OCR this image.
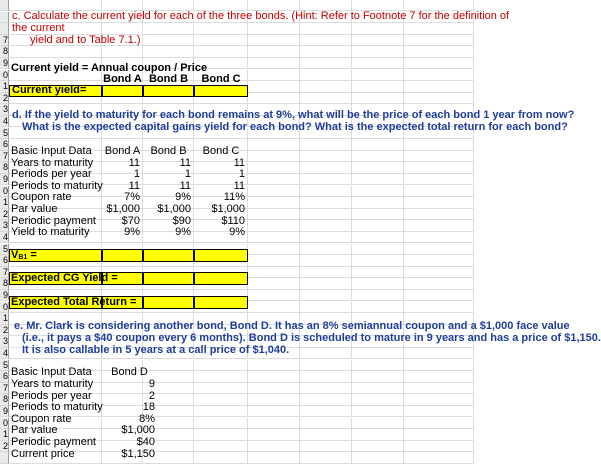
7
8
9
0
1
2
3
4
5
6
7
8
9
0
1
2
3
4
5
6
7
8
9
0
1
2
3
4
5
6
7
8
9
0
1
2
c. Calculate the current yield for each of the three bonds. (Hint: Refer to Footnote 7 for the definition of
the current
yield and to Table 7.1.)
Current yield = Annual coupon / Price
Bond A Bond B	Bond C
Current yield =
d. If the yield to maturity for each bond remains at 9%, what will be the price of each bond 1 year from now?
What is the expected capital gains yield for each bond? What is the expected total return for each bond?
Basic Input Data Bond A Bond B	Bond C
Years to maturity	11	11	11
Periods per year	1	1	1
Periods to maturity	11	11	11
Coupon rate	7%	9%	11%
Par value	$1,000	$1,000	$1,000
Periodic payment	$70	$90	$110
Yield to maturity	9%	9%	9%
VB1 =
Expected CG Yield =
Expected Total Return =
e. Mr. Clark is considering another bond, Bond D. It has an 8% semiannual coupon and a $1,000 face value
(i.e., it pays a $40 coupon every 6 months). Bond D is scheduled to mature in 9 years and has a price of $1,150.
It is also callable in 5 years at a call price of $1,040.
Basic Input Data	Bond D
Years to maturity	9
Periods per year	2
Periods to maturity	18
Coupon rate	8%
Par value	$1,000
Periodic payment	$40
Current price	$1,150
